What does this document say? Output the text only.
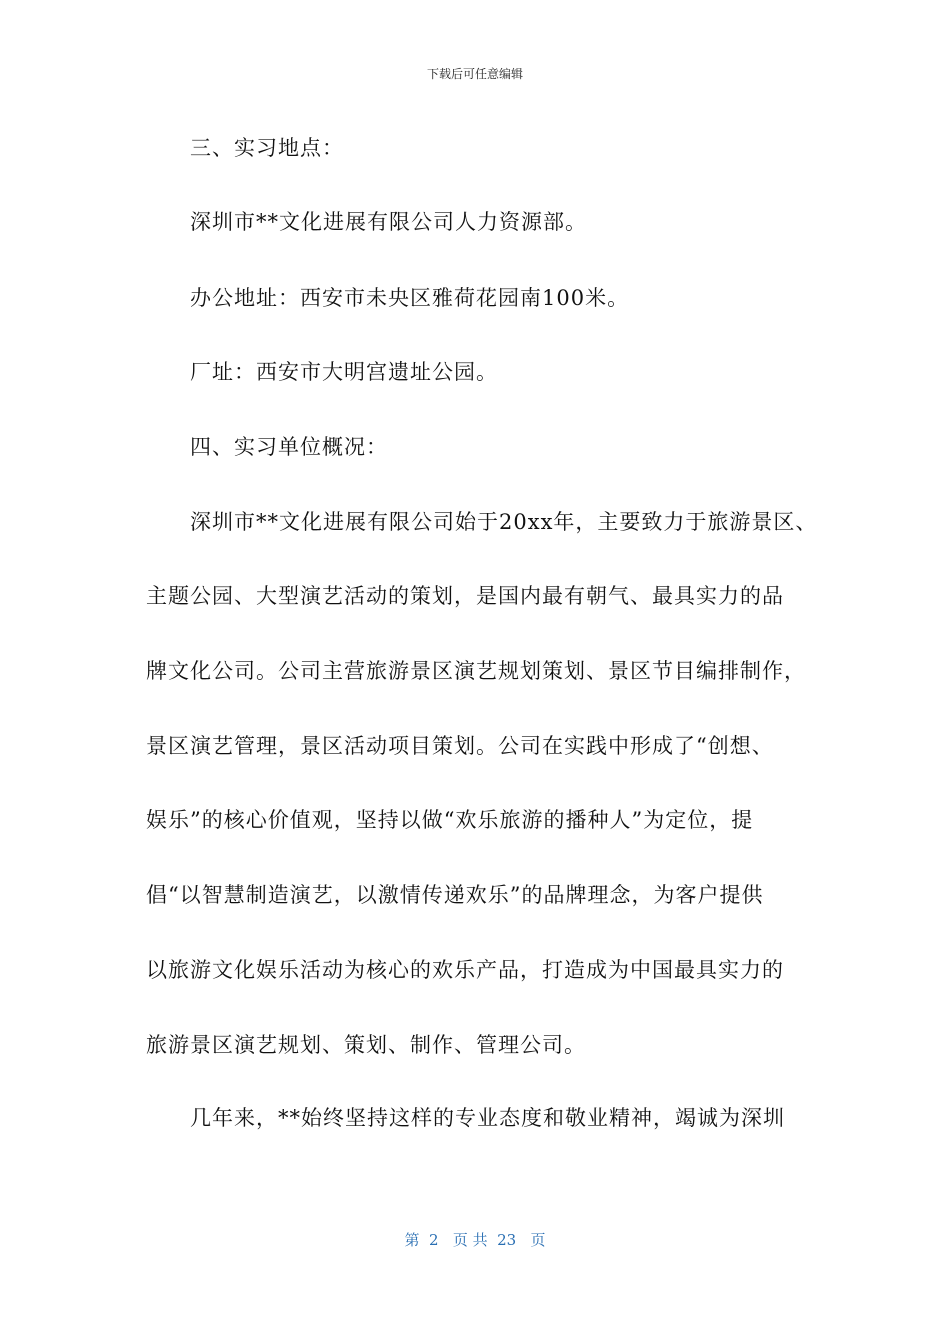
下载后可任意编辑
三、实习地点：
深圳市**文化进展有限公司人力资源部。
办公地址：西安市未央区雅荷花园南100米。
厂址：西安市大明宫遗址公园。
四、实习单位概况：
深圳市**文化进展有限公司始于20xx年，主要致力于旅游景区、
主题公园、大型演艺活动的策划，是国内最有朝气、最具实力的品
牌文化公司。公司主营旅游景区演艺规划策划、景区节目编排制作，
景区演艺管理，景区活动项目策划。公司在实践中形成了“创想、
娱乐”的核心价值观，坚持以做“欢乐旅游的播种人”为定位，提
倡“以智慧制造演艺，以激情传递欢乐”的品牌理念，为客户提供
以旅游文化娱乐活动为核心的欢乐产品，打造成为中国最具实力的
旅游景区演艺规划、策划、制作、管理公司。
几年来，**始终坚持这样的专业态度和敬业精神，竭诚为深圳
第  2   页 共  23   页
